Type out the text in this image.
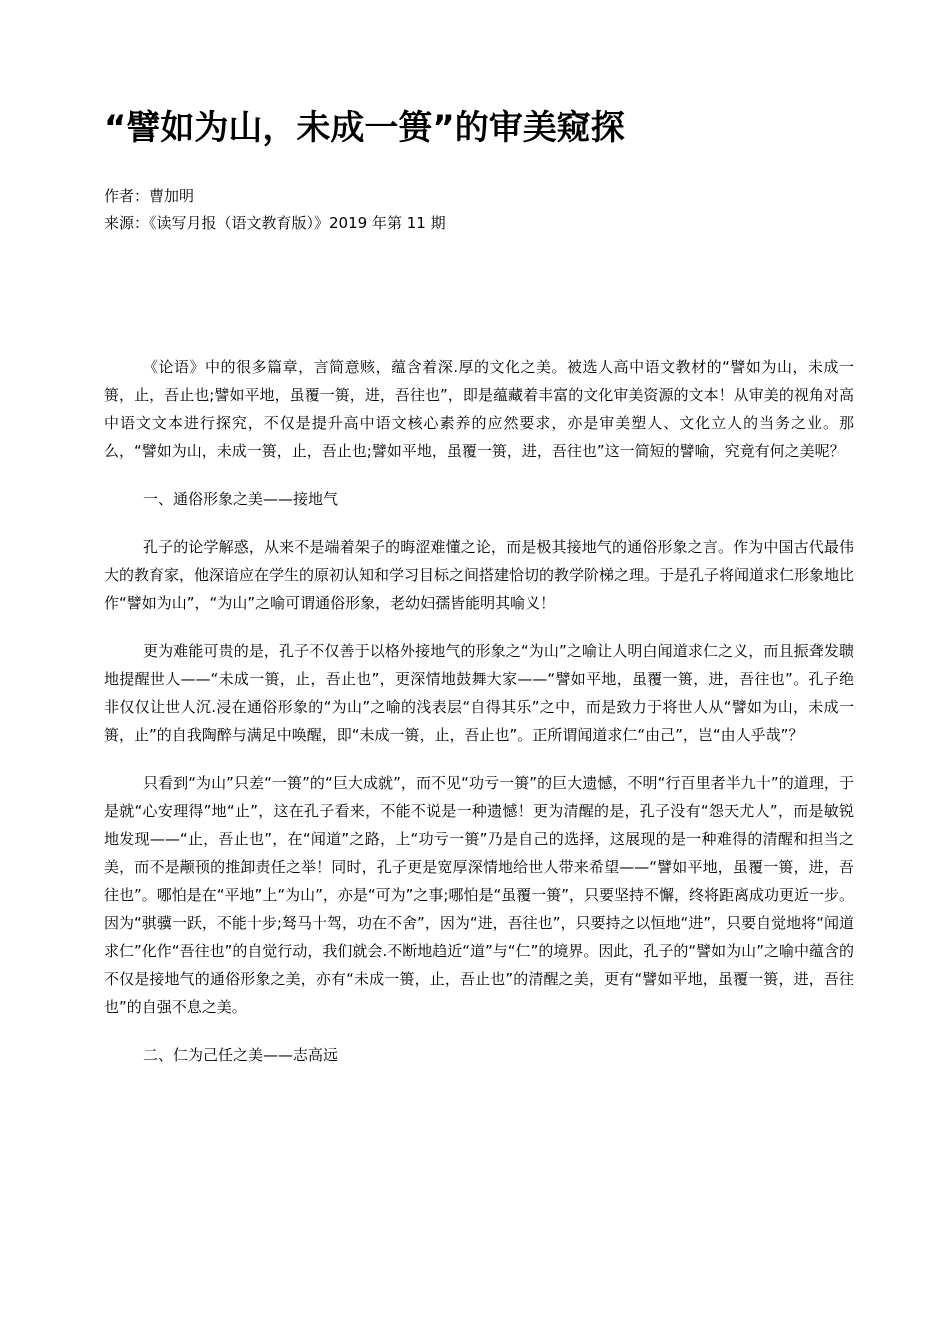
“譬如为山，未成一篑”的审美窥探
作者：曹加明
来源：《读写月报（语文教育版）》2019 年第 11 期

《论语》中的很多篇章，言简意赅，蕴含着深.厚的文化之美。被选人高中语文教材的“譬如为山，未成一篑，止，吾止也;譬如平地，虽覆一篑，进，吾往也”，即是蕴藏着丰富的文化审美资源的文本！从审美的视角对高中语文文本进行探究，不仅是提升高中语文核心素养的应然要求，亦是审美塑人、文化立人的当务之业。那么，“譬如为山，未成一篑，止，吾止也;譬如平地，虽覆一篑，进，吾往也”这一简短的譬喻，究竟有何之美呢？

一、通俗形象之美——接地气

孔子的论学解惑，从来不是端着架子的晦涩难懂之论，而是极其接地气的通俗形象之言。作为中国古代最伟大的教育家，他深谙应在学生的原初认知和学习目标之间搭建恰切的教学阶梯之理。于是孔子将闻道求仁形象地比作“譬如为山”，“为山”之喻可谓通俗形象，老幼妇孺皆能明其喻义！

更为难能可贵的是，孔子不仅善于以格外接地气的形象之“为山”之喻让人明白闻道求仁之义，而且振聋发聩地提醒世人——“未成一篑，止，吾止也”，更深情地鼓舞大家——“譬如平地，虽覆一篑，进，吾往也”。孔子绝非仅仅让世人沉.浸在通俗形象的“为山”之喻的浅表层“自得其乐”之中，而是致力于将世人从“譬如为山，未成一篑，止”的自我陶醉与满足中唤醒，即“未成一篑，止，吾止也”。正所谓闻道求仁“由己”，岂“由人乎哉”？

只看到“为山”只差“一篑”的“巨大成就”，而不见“功亏一篑”的巨大遗憾，不明“行百里者半九十”的道理，于是就“心安理得”地“止”，这在孔子看来，不能不说是一种遗憾！更为清醒的是，孔子没有“怨天尤人”，而是敏锐地发现——“止，吾止也”，在“闻道”之路，上“功亏一篑”乃是自己的选择，这展现的是一种难得的清醒和担当之美，而不是颟顸的推卸责任之举！同时，孔子更是宽厚深情地给世人带来希望——“譬如平地，虽覆一篑，进，吾往也”。哪怕是在“平地”上“为山”，亦是“可为”之事;哪怕是“虽覆一篑”，只要坚持不懈，终将距离成功更近一步。因为“骐骥一跃，不能十步;驽马十驾，功在不舍”，因为“进，吾往也”，只要持之以恒地“进”，只要自觉地将“闻道求仁”化作“吾往也”的自觉行动，我们就会.不断地趋近“道”与“仁”的境界。因此，孔子的“譬如为山”之喻中蕴含的不仅是接地气的通俗形象之美，亦有“未成一篑，止，吾止也”的清醒之美，更有“譬如平地，虽覆一篑，进，吾往也”的自强不息之美。

二、仁为己任之美——志高远
